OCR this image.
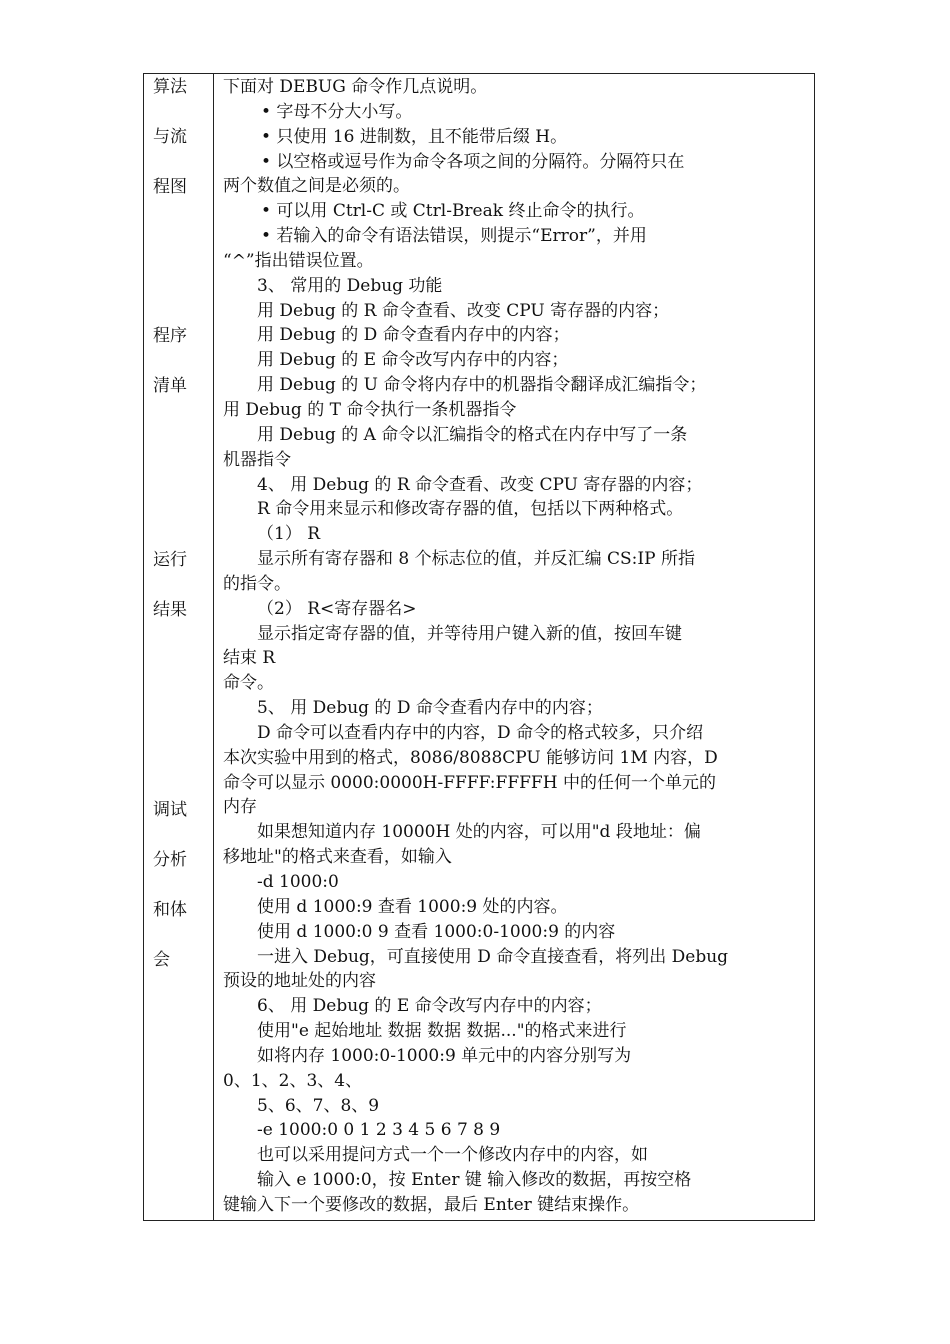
算法
与流
程图
程序
清单
运行
结果
调试
分析
和体
会
下面对 DEBUG 命令作几点说明。
• 字母不分大小写。
• 只使用 16 进制数，且不能带后缀 H。
• 以空格或逗号作为命令各项之间的分隔符。分隔符只在
两个数值之间是必须的。
• 可以用 Ctrl-C 或 Ctrl-Break 终止命令的执行。
• 若输入的命令有语法错误，则提示“Error”，并用
“^”指出错误位置。
3、 常用的 Debug 功能
用 Debug 的 R 命令查看、改变 CPU 寄存器的内容；
用 Debug 的 D 命令查看内存中的内容；
用 Debug 的 E 命令改写内存中的内容；
用 Debug 的 U 命令将内存中的机器指令翻译成汇编指令；
用 Debug 的 T 命令执行一条机器指令
用 Debug 的 A 命令以汇编指令的格式在内存中写了一条
机器指令
4、 用 Debug 的 R 命令查看、改变 CPU 寄存器的内容；
R 命令用来显示和修改寄存器的值，包括以下两种格式。
（1） R
显示所有寄存器和 8 个标志位的值，并反汇编 CS:IP 所指
的指令。
（2） R<寄存器名>
显示指定寄存器的值，并等待用户键入新的值，按回车键
结束 R
命令。
5、 用 Debug 的 D 命令查看内存中的内容；
D 命令可以查看内存中的内容，D 命令的格式较多，只介绍
本次实验中用到的格式，8086/8088CPU 能够访问 1M 内容，D
命令可以显示 0000:0000H-FFFF:FFFFH 中的任何一个单元的
内存
如果想知道内存 10000H 处的内容，可以用"d 段地址：偏
移地址"的格式来查看，如输入
-d 1000:0
使用 d 1000:9 查看 1000:9 处的内容。
使用 d 1000:0 9 查看 1000:0-1000:9 的内容
一进入 Debug，可直接使用 D 命令直接查看，将列出 Debug
预设的地址处的内容
6、 用 Debug 的 E 命令改写内存中的内容；
使用"e 起始地址 数据 数据 数据..."的格式来进行
如将内存 1000:0-1000:9 单元中的内容分别写为
0、1、2、3、4、
5、6、7、8、9
-e 1000:0 0 1 2 3 4 5 6 7 8 9
也可以采用提问方式一个一个修改内存中的内容，如
输入 e 1000:0，按 Enter 键 输入修改的数据，再按空格
键输入下一个要修改的数据，最后 Enter 键结束操作。
